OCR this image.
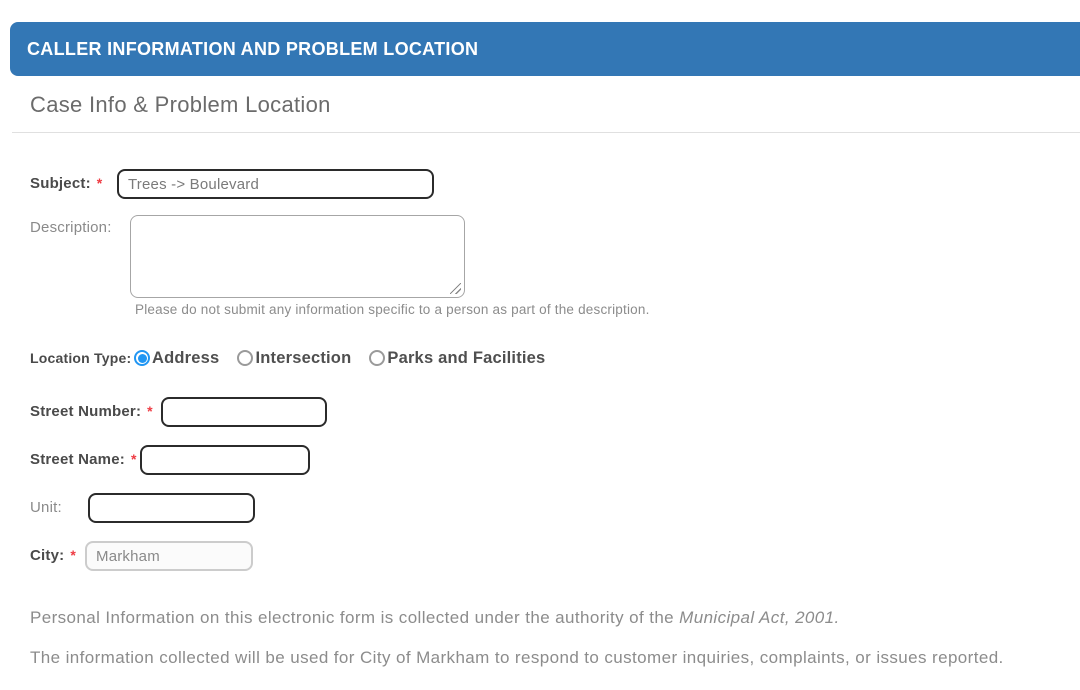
CALLER INFORMATION AND PROBLEM LOCATION
Case Info & Problem Location
Subject: *
Trees -> Boulevard
Description:
Please do not submit any information specific to a person as part of the description.
Location Type:	Address Intersection Parks and Facilities
Street Number: *
Street Name: *
Unit:
City: *
Markham
Personal Information on this electronic form is collected under the authority of the Municipal Act, 2001.
The information collected will be used for City of Markham to respond to customer inquiries, complaints, or issues reported.
